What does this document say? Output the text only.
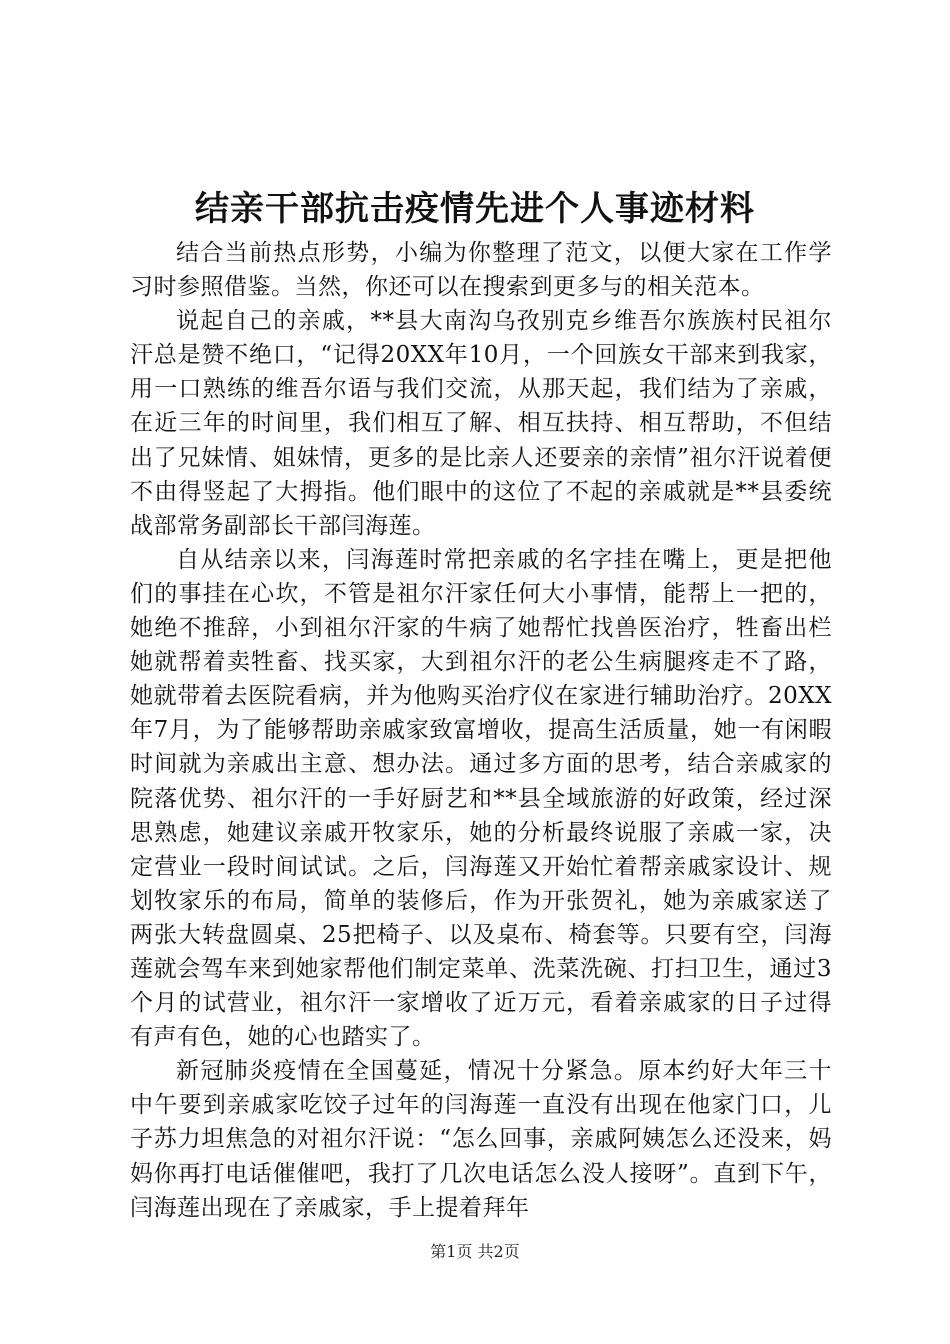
结亲干部抗击疫情先进个人事迹材料

结合当前热点形势，小编为你整理了范文，以便大家在工作学习时参照借鉴。当然，你还可以在搜索到更多与的相关范本。

说起自己的亲戚，**县大南沟乌孜别克乡维吾尔族族村民祖尔汗总是赞不绝口，“记得20XX年10月，一个回族女干部来到我家，用一口熟练的维吾尔语与我们交流，从那天起，我们结为了亲戚，在近三年的时间里，我们相互了解、相互扶持、相互帮助，不但结出了兄妹情、姐妹情，更多的是比亲人还要亲的亲情”祖尔汗说着便不由得竖起了大拇指。他们眼中的这位了不起的亲戚就是**县委统战部常务副部长干部闫海莲。

自从结亲以来，闫海莲时常把亲戚的名字挂在嘴上，更是把他们的事挂在心坎，不管是祖尔汗家任何大小事情，能帮上一把的，她绝不推辞，小到祖尔汗家的牛病了她帮忙找兽医治疗，牲畜出栏她就帮着卖牲畜、找买家，大到祖尔汗的老公生病腿疼走不了路，她就带着去医院看病，并为他购买治疗仪在家进行辅助治疗。20XX年7月，为了能够帮助亲戚家致富增收，提高生活质量，她一有闲暇时间就为亲戚出主意、想办法。通过多方面的思考，结合亲戚家的院落优势、祖尔汗的一手好厨艺和**县全域旅游的好政策，经过深思熟虑，她建议亲戚开牧家乐，她的分析最终说服了亲戚一家，决定营业一段时间试试。之后，闫海莲又开始忙着帮亲戚家设计、规划牧家乐的布局，简单的装修后，作为开张贺礼，她为亲戚家送了两张大转盘圆桌、25把椅子、以及桌布、椅套等。只要有空，闫海莲就会驾车来到她家帮他们制定菜单、洗菜洗碗、打扫卫生，通过3个月的试营业，祖尔汗一家增收了近万元，看着亲戚家的日子过得有声有色，她的心也踏实了。

新冠肺炎疫情在全国蔓延，情况十分紧急。原本约好大年三十中午要到亲戚家吃饺子过年的闫海莲一直没有出现在他家门口，儿子苏力坦焦急的对祖尔汗说：“怎么回事，亲戚阿姨怎么还没来，妈妈你再打电话催催吧，我打了几次电话怎么没人接呀”。直到下午，闫海莲出现在了亲戚家，手上提着拜年

第1页 共2页
